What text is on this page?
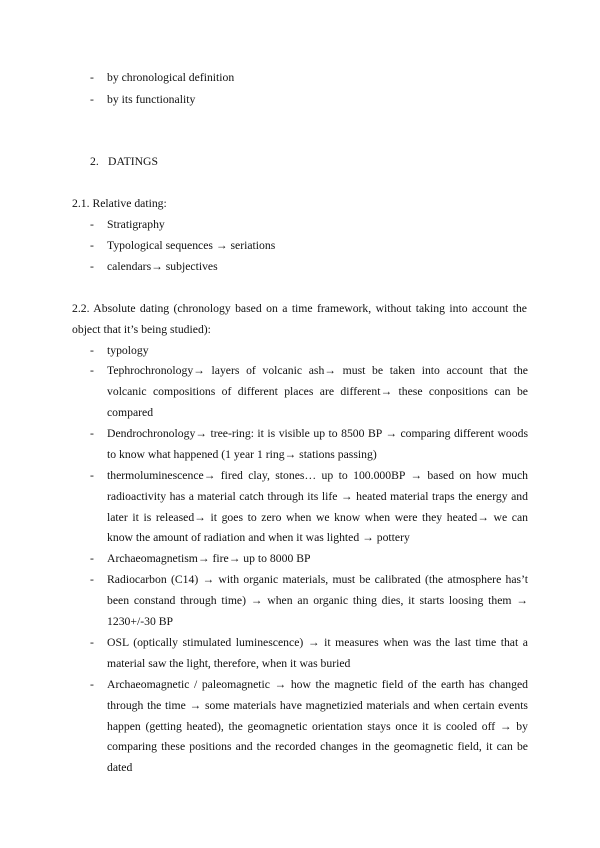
- by chronological definition
- by its functionality
2. DATINGS
2.1. Relative dating:
- Stratigraphy
- Typological sequences → seriations
- calendars→ subjectives
2.2. Absolute dating (chronology based on a time framework, without taking into account the object that it’s being studied):
- typology
- Tephrochronology→ layers of volcanic ash→ must be taken into account that the volcanic compositions of different places are different→ these conpositions can be compared
- Dendrochronology→ tree-ring: it is visible up to 8500 BP → comparing different woods to know what happened (1 year 1 ring→ stations passing)
- thermoluminescence→ fired clay, stones… up to 100.000BP → based on how much radioactivity has a material catch through its life → heated material traps the energy and later it is released→ it goes to zero when we know when were they heated→ we can know the amount of radiation and when it was lighted → pottery
- Archaeomagnetism→ fire→ up to 8000 BP
- Radiocarbon (C14) → with organic materials, must be calibrated (the atmosphere has’t been constand through time) → when an organic thing dies, it starts loosing them → 1230+/-30 BP
- OSL (optically stimulated luminescence) → it measures when was the last time that a material saw the light, therefore, when it was buried
- Archaeomagnetic / paleomagnetic → how the magnetic field of the earth has changed through the time → some materials have magnetizied materials and when certain events happen (getting heated), the geomagnetic orientation stays once it is cooled off → by comparing these positions and the recorded changes in the geomagnetic field, it can be dated
